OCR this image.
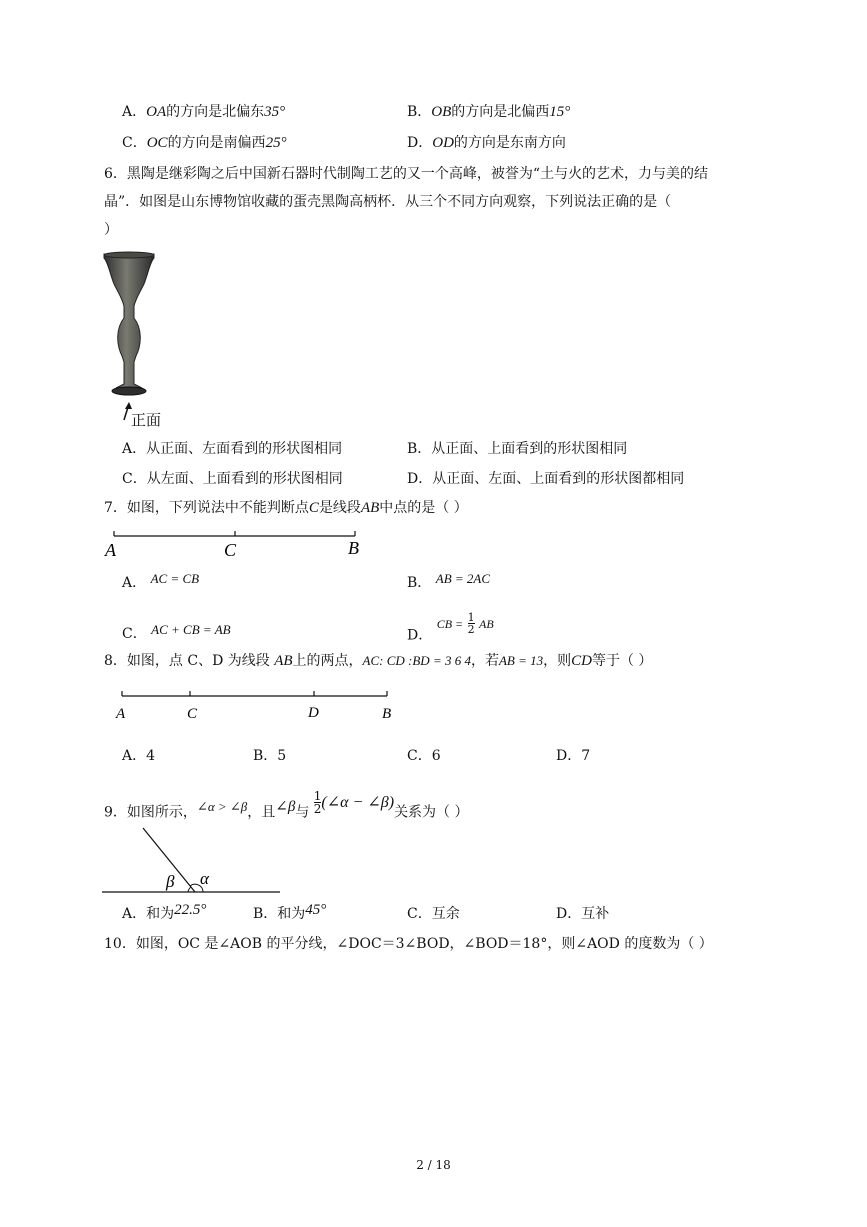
A．OA的方向是北偏东35°	B．OB的方向是北偏西15°
C．OC的方向是南偏西25°	D．OD的方向是东南方向
6．黑陶是继彩陶之后中国新石器时代制陶工艺的又一个高峰，被誉为“土与火的艺术，力与美的结
晶”．如图是山东博物馆收藏的蛋壳黑陶高柄杯．从三个不同方向观察，下列说法正确的是（
）
正面
A．从正面、左面看到的形状图相同	B．从正面、上面看到的形状图相同
C．从左面、上面看到的形状图相同	D．从正面、左面、上面看到的形状图都相同
7．如图，下列说法中不能判断点C是线段AB中点的是（ ）
A	C	B
A． AC = CB	B． AB = 2AC
C． AC + CB = AB	D． CB = $\frac{1}{2}$ AB
8．如图，点 C、D 为线段 AB上的两点，AC: CD :BD = 3 6 4，若AB = 13，则CD等于（ ）
A	C	D	B
A．4	B．5	C．6	D．7
9．如图所示，∠α > ∠β，且∠β与 $\frac{1}{2}$ (∠α − ∠β)关系为（ ）
β α
A．和为22.5°	B．和为45°	C．互余	D．互补
10．如图，OC 是∠AOB 的平分线，∠DOC＝3∠BOD，∠BOD＝18°，则∠AOD 的度数为（ ）
2 / 18
